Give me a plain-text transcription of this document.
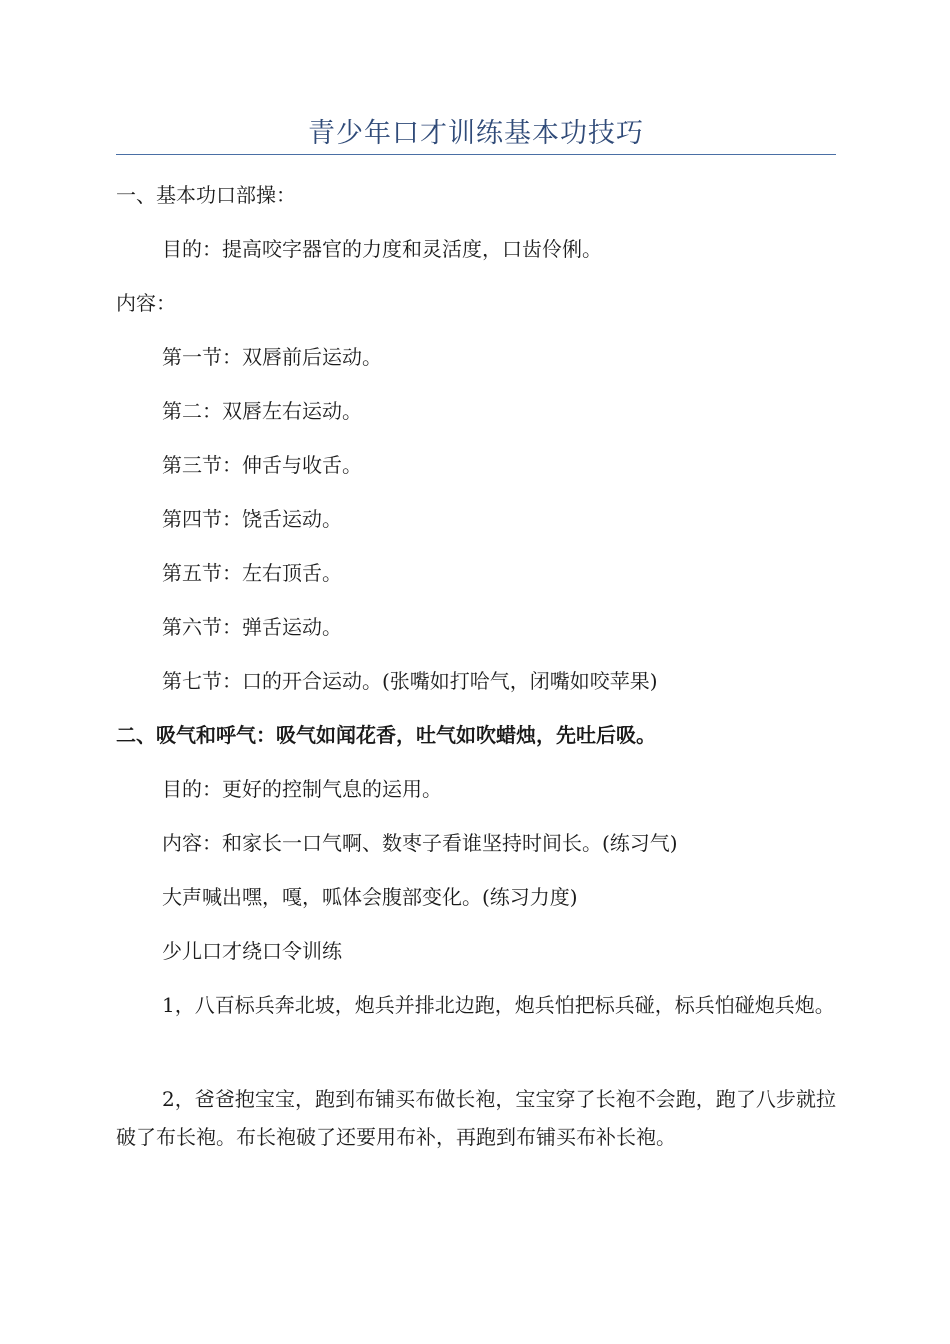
青少年口才训练基本功技巧
一、基本功口部操：
目的：提高咬字器官的力度和灵活度，口齿伶俐。
内容：
第一节：双唇前后运动。
第二：双唇左右运动。
第三节：伸舌与收舌。
第四节：饶舌运动。
第五节：左右顶舌。
第六节：弹舌运动。
第七节：口的开合运动。(张嘴如打哈气，闭嘴如咬苹果)
二、吸气和呼气：吸气如闻花香，吐气如吹蜡烛，先吐后吸。
目的：更好的控制气息的运用。
内容：和家长一口气啊、数枣子看谁坚持时间长。(练习气)
大声喊出嘿，嘎，呱体会腹部变化。(练习力度)
少儿口才绕口令训练
1，八百标兵奔北坡，炮兵并排北边跑，炮兵怕把标兵碰，标兵怕碰炮兵炮。
2，爸爸抱宝宝，跑到布铺买布做长袍，宝宝穿了长袍不会跑，跑了八步就拉破了布长袍。布长袍破了还要用布补，再跑到布铺买布补长袍。
